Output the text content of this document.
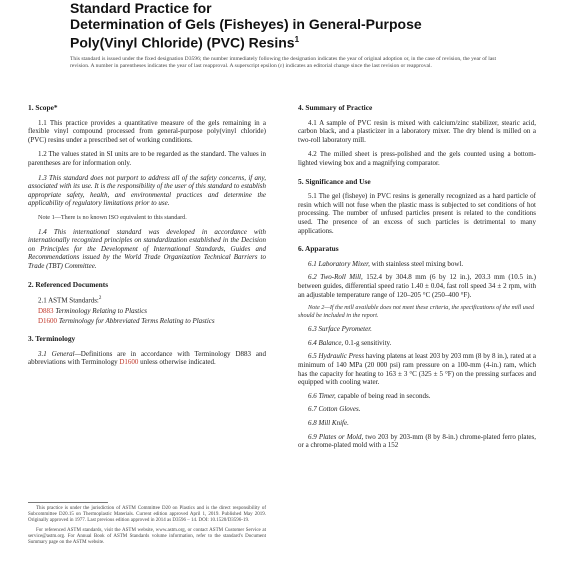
Standard Practice for
Determination of Gels (Fisheyes) in General-Purpose
Poly(Vinyl Chloride) (PVC) Resins$^1$
This standard is issued under the fixed designation D3596; the number immediately following the designation indicates the year of original adoption or, in the case of revision, the year of last revision. A number in parentheses indicates the year of last reapproval. A superscript epsilon (ε) indicates an editorial change since the last revision or reapproval.
1. Scope*

1.1 This practice provides a quantitative measure of the gels remaining in a flexible vinyl compound processed from general-purpose poly(vinyl chloride) (PVC) resins under a prescribed set of working conditions.

1.2 The values stated in SI units are to be regarded as the standard. The values in parentheses are for information only.

1.3 This standard does not purport to address all of the safety concerns, if any, associated with its use. It is the responsibility of the user of this standard to establish appropriate safety, health, and environmental practices and determine the applicability of regulatory limitations prior to use.

Note 1—There is no known ISO equivalent to this standard.

1.4 This international standard was developed in accordance with internationally recognized principles on standardization established in the Decision on Principles for the Development of International Standards, Guides and Recommendations issued by the World Trade Organization Technical Barriers to Trade (TBT) Committee.

2. Referenced Documents

2.1 ASTM Standards:$^2$

D883 Terminology Relating to Plastics
D1600 Terminology for Abbreviated Terms Relating to Plastics
3. Terminology

3.1 General—Definitions are in accordance with Terminology D883 and abbreviations with Terminology D1600 unless otherwise indicated.

4. Summary of Practice

4.1 A sample of PVC resin is mixed with calcium/zinc stabilizer, stearic acid, carbon black, and a plasticizer in a laboratory mixer. The dry blend is milled on a two-roll laboratory mill.

4.2 The milled sheet is press-polished and the gels counted using a bottom-lighted viewing box and a magnifying comparator.

5. Significance and Use

5.1 The gel (fisheye) in PVC resins is generally recognized as a hard particle of resin which will not fuse when the plastic mass is subjected to set conditions of hot processing. The number of unfused particles present is related to the conditions used. The presence of an excess of such particles is detrimental to many applications.

6. Apparatus

6.1 Laboratory Mixer, with stainless steel mixing bowl.

6.2 Two-Roll Mill, 152.4 by 304.8 mm (6 by 12 in.), 203.3 mm (10.5 in.) between guides, differential speed ratio 1.40 ± 0.04, fast roll speed 34 ± 2 rpm, with an adjustable temperature range of 120–205 °C (250–400 °F).

Note 2—If the mill available does not meet these criteria, the specifications of the mill used should be included in the report.

6.3 Surface Pyrometer.

6.4 Balance, 0.1-g sensitivity.

6.5 Hydraulic Press having platens at least 203 by 203 mm (8 by 8 in.), rated at a minimum of 140 MPa (20 000 psi) ram pressure on a 100-mm (4-in.) ram, which has the capacity for heating to 163 ± 3 °C (325 ± 5 °F) on the pressing surfaces and equipped with cooling water.

6.6 Timer, capable of being read in seconds.

6.7 Cotton Gloves.

6.8 Mill Knife.

6.9 Plates or Mold, two 203 by 203-mm (8 by 8-in.) chrome-plated ferro plates, or a chrome-plated mold with a 152

This practice is under the jurisdiction of ASTM Committee D20 on Plastics and is the direct responsibility of Subcommittee D20.15 on Thermoplastic Materials. Current edition approved April 1, 2019. Published May 2019. Originally approved in 1977. Last previous edition approved in 2014 as D3596 – 14. DOI: 10.1520/D3596-19.

For referenced ASTM standards, visit the ASTM website, www.astm.org, or contact ASTM Customer Service at service@astm.org. For Annual Book of ASTM Standards volume information, refer to the standard's Document Summary page on the ASTM website.
